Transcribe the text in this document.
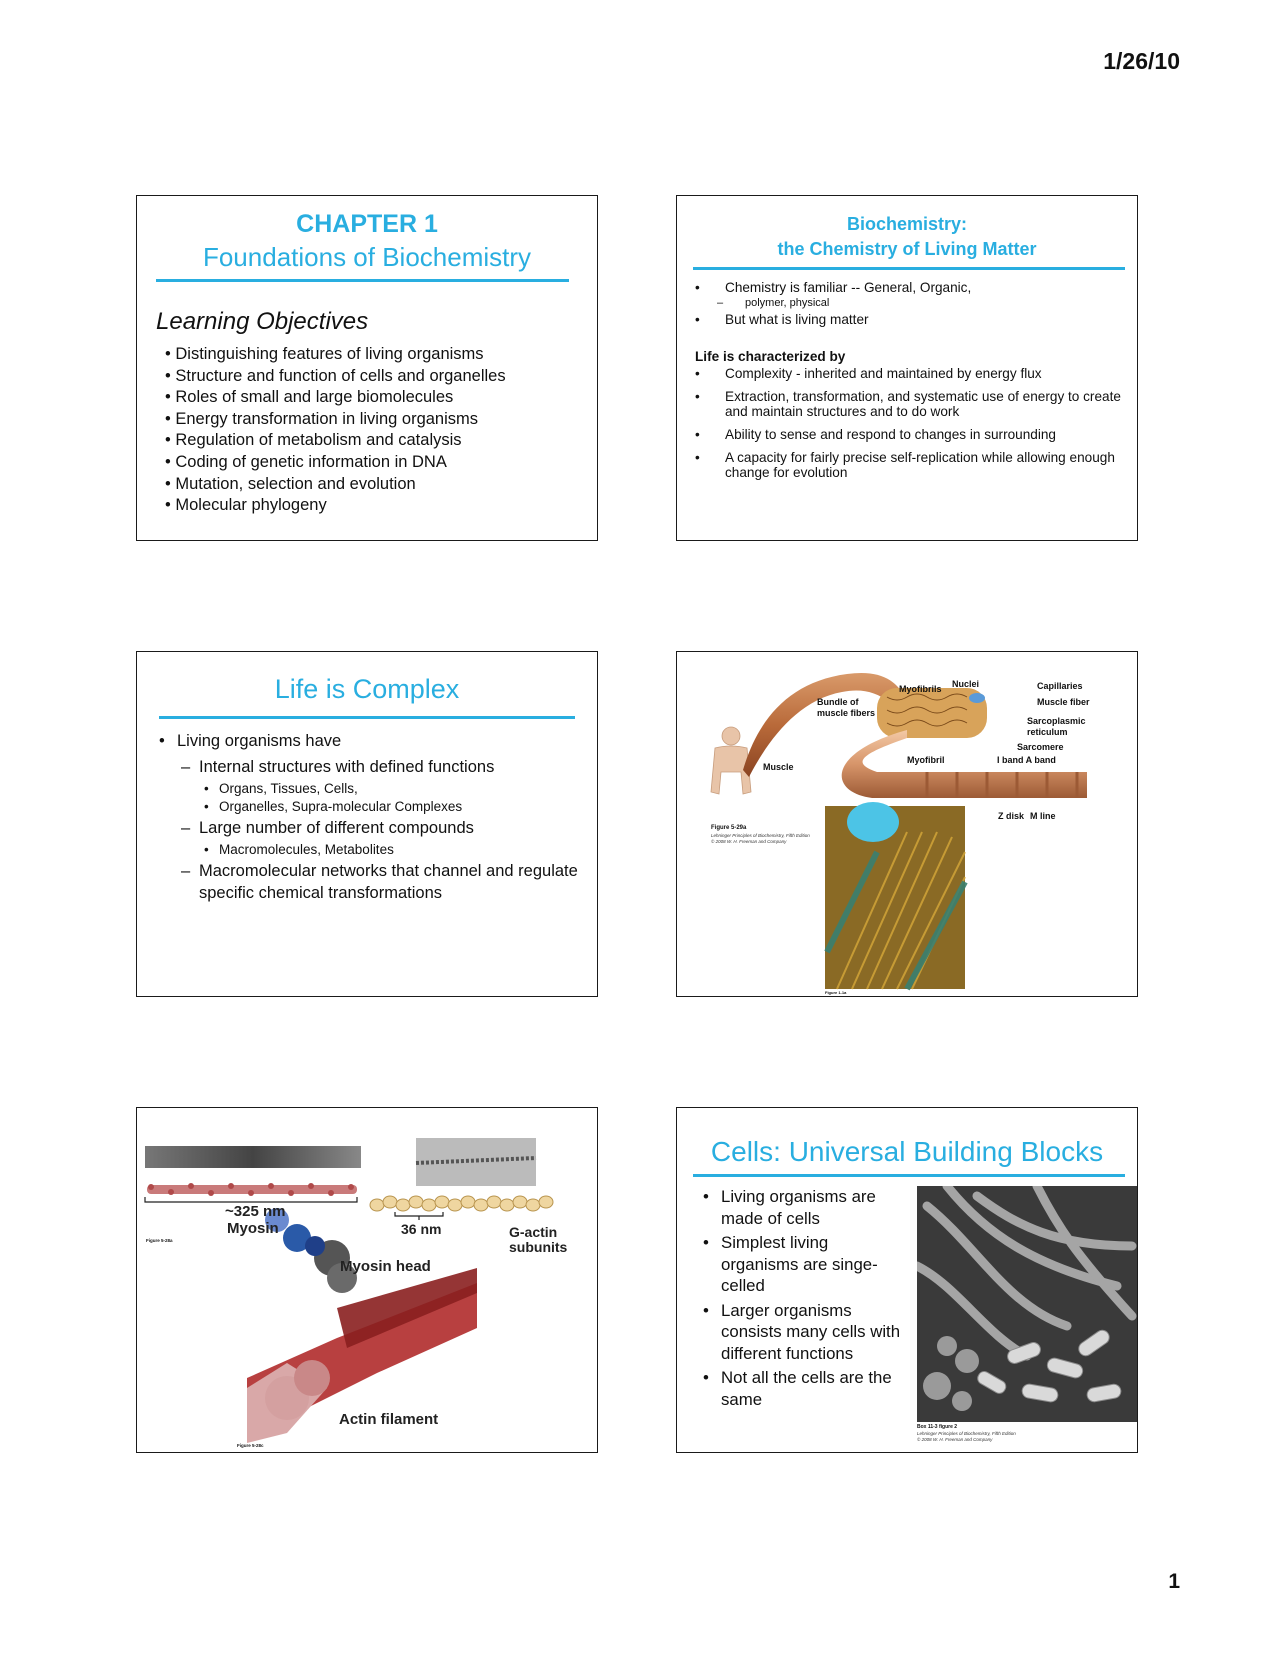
1/26/10
CHAPTER 1
Foundations of Biochemistry
Learning Objectives
• Distinguishing features of living organisms
• Structure and function of cells and organelles
• Roles of small and large biomolecules
• Energy transformation in living organisms
• Regulation of metabolism and catalysis
• Coding of genetic information in DNA
• Mutation, selection and evolution
• Molecular phylogeny
Biochemistry:
the Chemistry of Living Matter
• Chemistry is familiar -- General, Organic,
– polymer, physical
• But what is living matter
Life is characterized by
• Complexity - inherited and maintained by energy flux
• Extraction, transformation, and systematic use of energy to create and maintain structures and to do work
• Ability to sense and respond to changes in surrounding
• A capacity for fairly precise self-replication while allowing enough change for evolution
Life is Complex
• Living organisms have
– Internal structures with defined functions
• Organs, Tissues, Cells,
• Organelles, Supra-molecular Complexes
– Large number of different compounds
• Macromolecules, Metabolites
– Macromolecular networks that channel and regulate specific chemical transformations
Nuclei
Myofibrils	Capillaries
Bundle of muscle fibers
Muscle fiber
Sarcoplasmic reticulum
Sarcomere
Myofibril	I band A band
Muscle
Z disk M line
Figure 5-29a
Lehninger Principles of Biochemistry, Fifth Edition
© 2008 W. H. Freeman and Company
Figure 1-1a
~325 nm
Myosin	36 nm	G-actin subunits
Myosin head
Actin filament
Figure 5-28a
Figure 5-28c
Cells: Universal Building Blocks
• Living organisms are made of cells
• Simplest living organisms are singe-celled
• Larger organisms consists many cells with different functions
• Not all the cells are the same
Box 11-3 figure 2
Lehninger Principles of Biochemistry, Fifth Edition
© 2008 W. H. Freeman and Company
1
